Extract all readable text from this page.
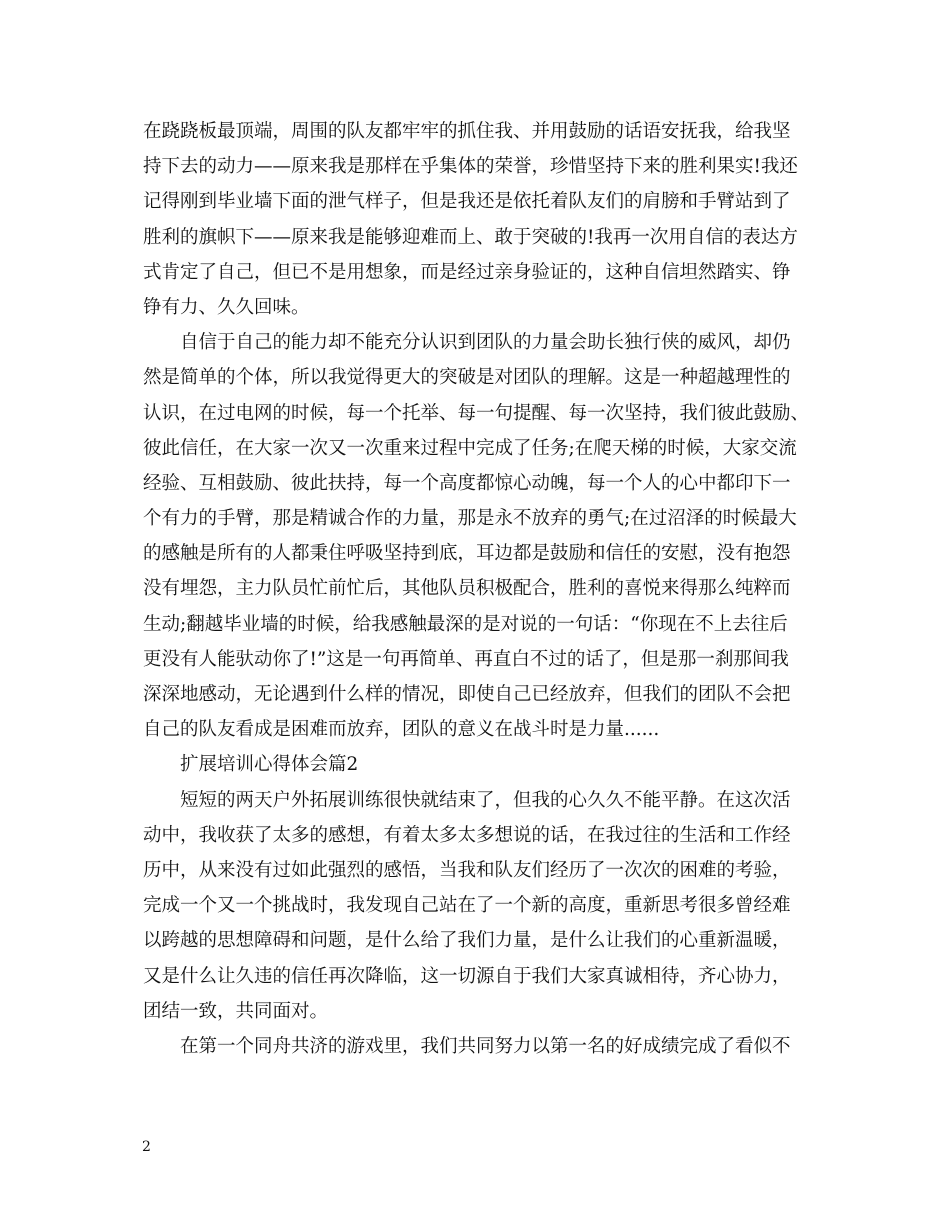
在跷跷板最顶端，周围的队友都牢牢的抓住我、并用鼓励的话语安抚我，给我坚
持下去的动力——原来我是那样在乎集体的荣誉，珍惜坚持下来的胜利果实!我还
记得刚到毕业墙下面的泄气样子，但是我还是依托着队友们的肩膀和手臂站到了
胜利的旗帜下——原来我是能够迎难而上、敢于突破的!我再一次用自信的表达方
式肯定了自己，但已不是用想象，而是经过亲身验证的，这种自信坦然踏实、铮
铮有力、久久回味。
自信于自己的能力却不能充分认识到团队的力量会助长独行侠的威风，却仍
然是简单的个体，所以我觉得更大的突破是对团队的理解。这是一种超越理性的
认识，在过电网的时候，每一个托举、每一句提醒、每一次坚持，我们彼此鼓励、
彼此信任，在大家一次又一次重来过程中完成了任务;在爬天梯的时候，大家交流
经验、互相鼓励、彼此扶持，每一个高度都惊心动魄，每一个人的心中都印下一
个有力的手臂，那是精诚合作的力量，那是永不放弃的勇气;在过沼泽的时候最大
的感触是所有的人都秉住呼吸坚持到底，耳边都是鼓励和信任的安慰，没有抱怨
没有埋怨，主力队员忙前忙后，其他队员积极配合，胜利的喜悦来得那么纯粹而
生动;翻越毕业墙的时候，给我感触最深的是对说的一句话：“你现在不上去往后
更没有人能驮动你了!”这是一句再简单、再直白不过的话了，但是那一刹那间我
深深地感动，无论遇到什么样的情况，即使自己已经放弃，但我们的团队不会把
自己的队友看成是困难而放弃，团队的意义在战斗时是力量......
扩展培训心得体会篇2
短短的两天户外拓展训练很快就结束了，但我的心久久不能平静。在这次活
动中，我收获了太多的感想，有着太多太多想说的话，在我过往的生活和工作经
历中，从来没有过如此强烈的感悟，当我和队友们经历了一次次的困难的考验，
完成一个又一个挑战时，我发现自己站在了一个新的高度，重新思考很多曾经难
以跨越的思想障碍和问题，是什么给了我们力量，是什么让我们的心重新温暖，
又是什么让久违的信任再次降临，这一切源自于我们大家真诚相待，齐心协力，
团结一致，共同面对。
在第一个同舟共济的游戏里，我们共同努力以第一名的好成绩完成了看似不
2
